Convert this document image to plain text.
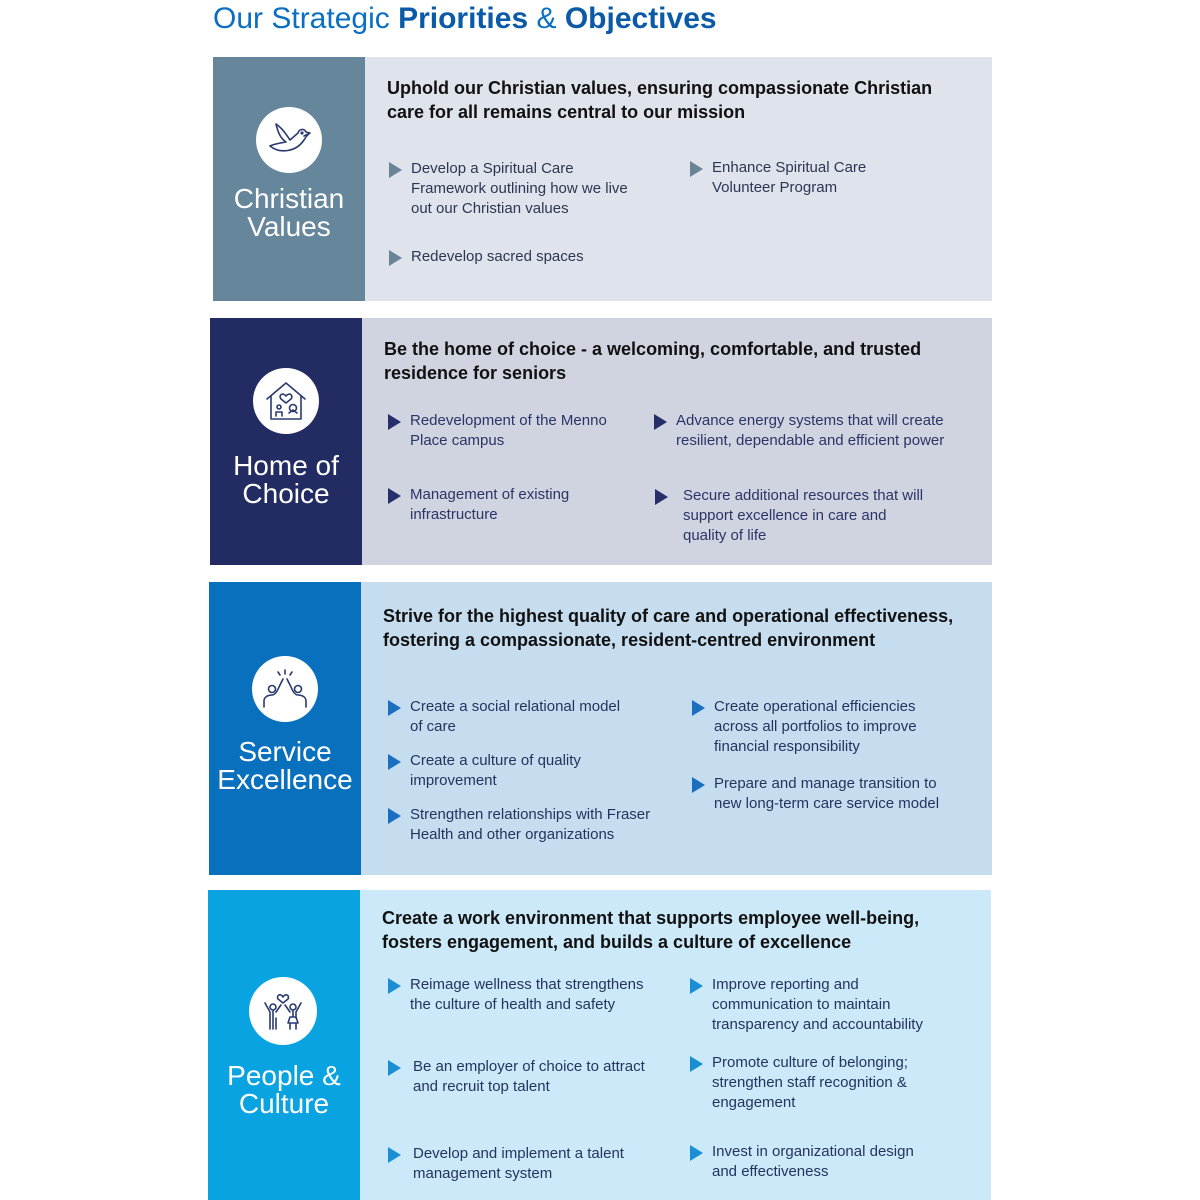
Our Strategic Priorities & Objectives
Christian
Values
Uphold our Christian values, ensuring compassionate Christian care for all remains central to our mission
Develop a Spiritual Care
Framework outlining how we live
out our Christian values
Enhance Spiritual Care
Volunteer Program
Redevelop sacred spaces
Home of
Choice
Be the home of choice - a welcoming, comfortable, and trusted residence for seniors
Redevelopment of the Menno
Place campus
Advance energy systems that will create
resilient, dependable and efficient power
Management of existing
infrastructure
Secure additional resources that will
support excellence in care and
quality of life
Service
Excellence
Strive for the highest quality of care and operational effectiveness, fostering a compassionate, resident-centred environment
Create a social relational model
of care
Create operational efficiencies
across all portfolios to improve
financial responsibility
Create a culture of quality
improvement	Prepare and manage transition to
new long-term care service model
Strengthen relationships with Fraser
Health and other organizations
People &
Culture
Create a work environment that supports employee well-being, fosters engagement, and builds a culture of excellence
Reimage wellness that strengthens
the culture of health and safety
Improve reporting and
communication to maintain
transparency and accountability
Be an employer of choice to attract
and recruit top talent
Promote culture of belonging;
strengthen staff recognition &
engagement
Develop and implement a talent
management system
Invest in organizational design
and effectiveness
